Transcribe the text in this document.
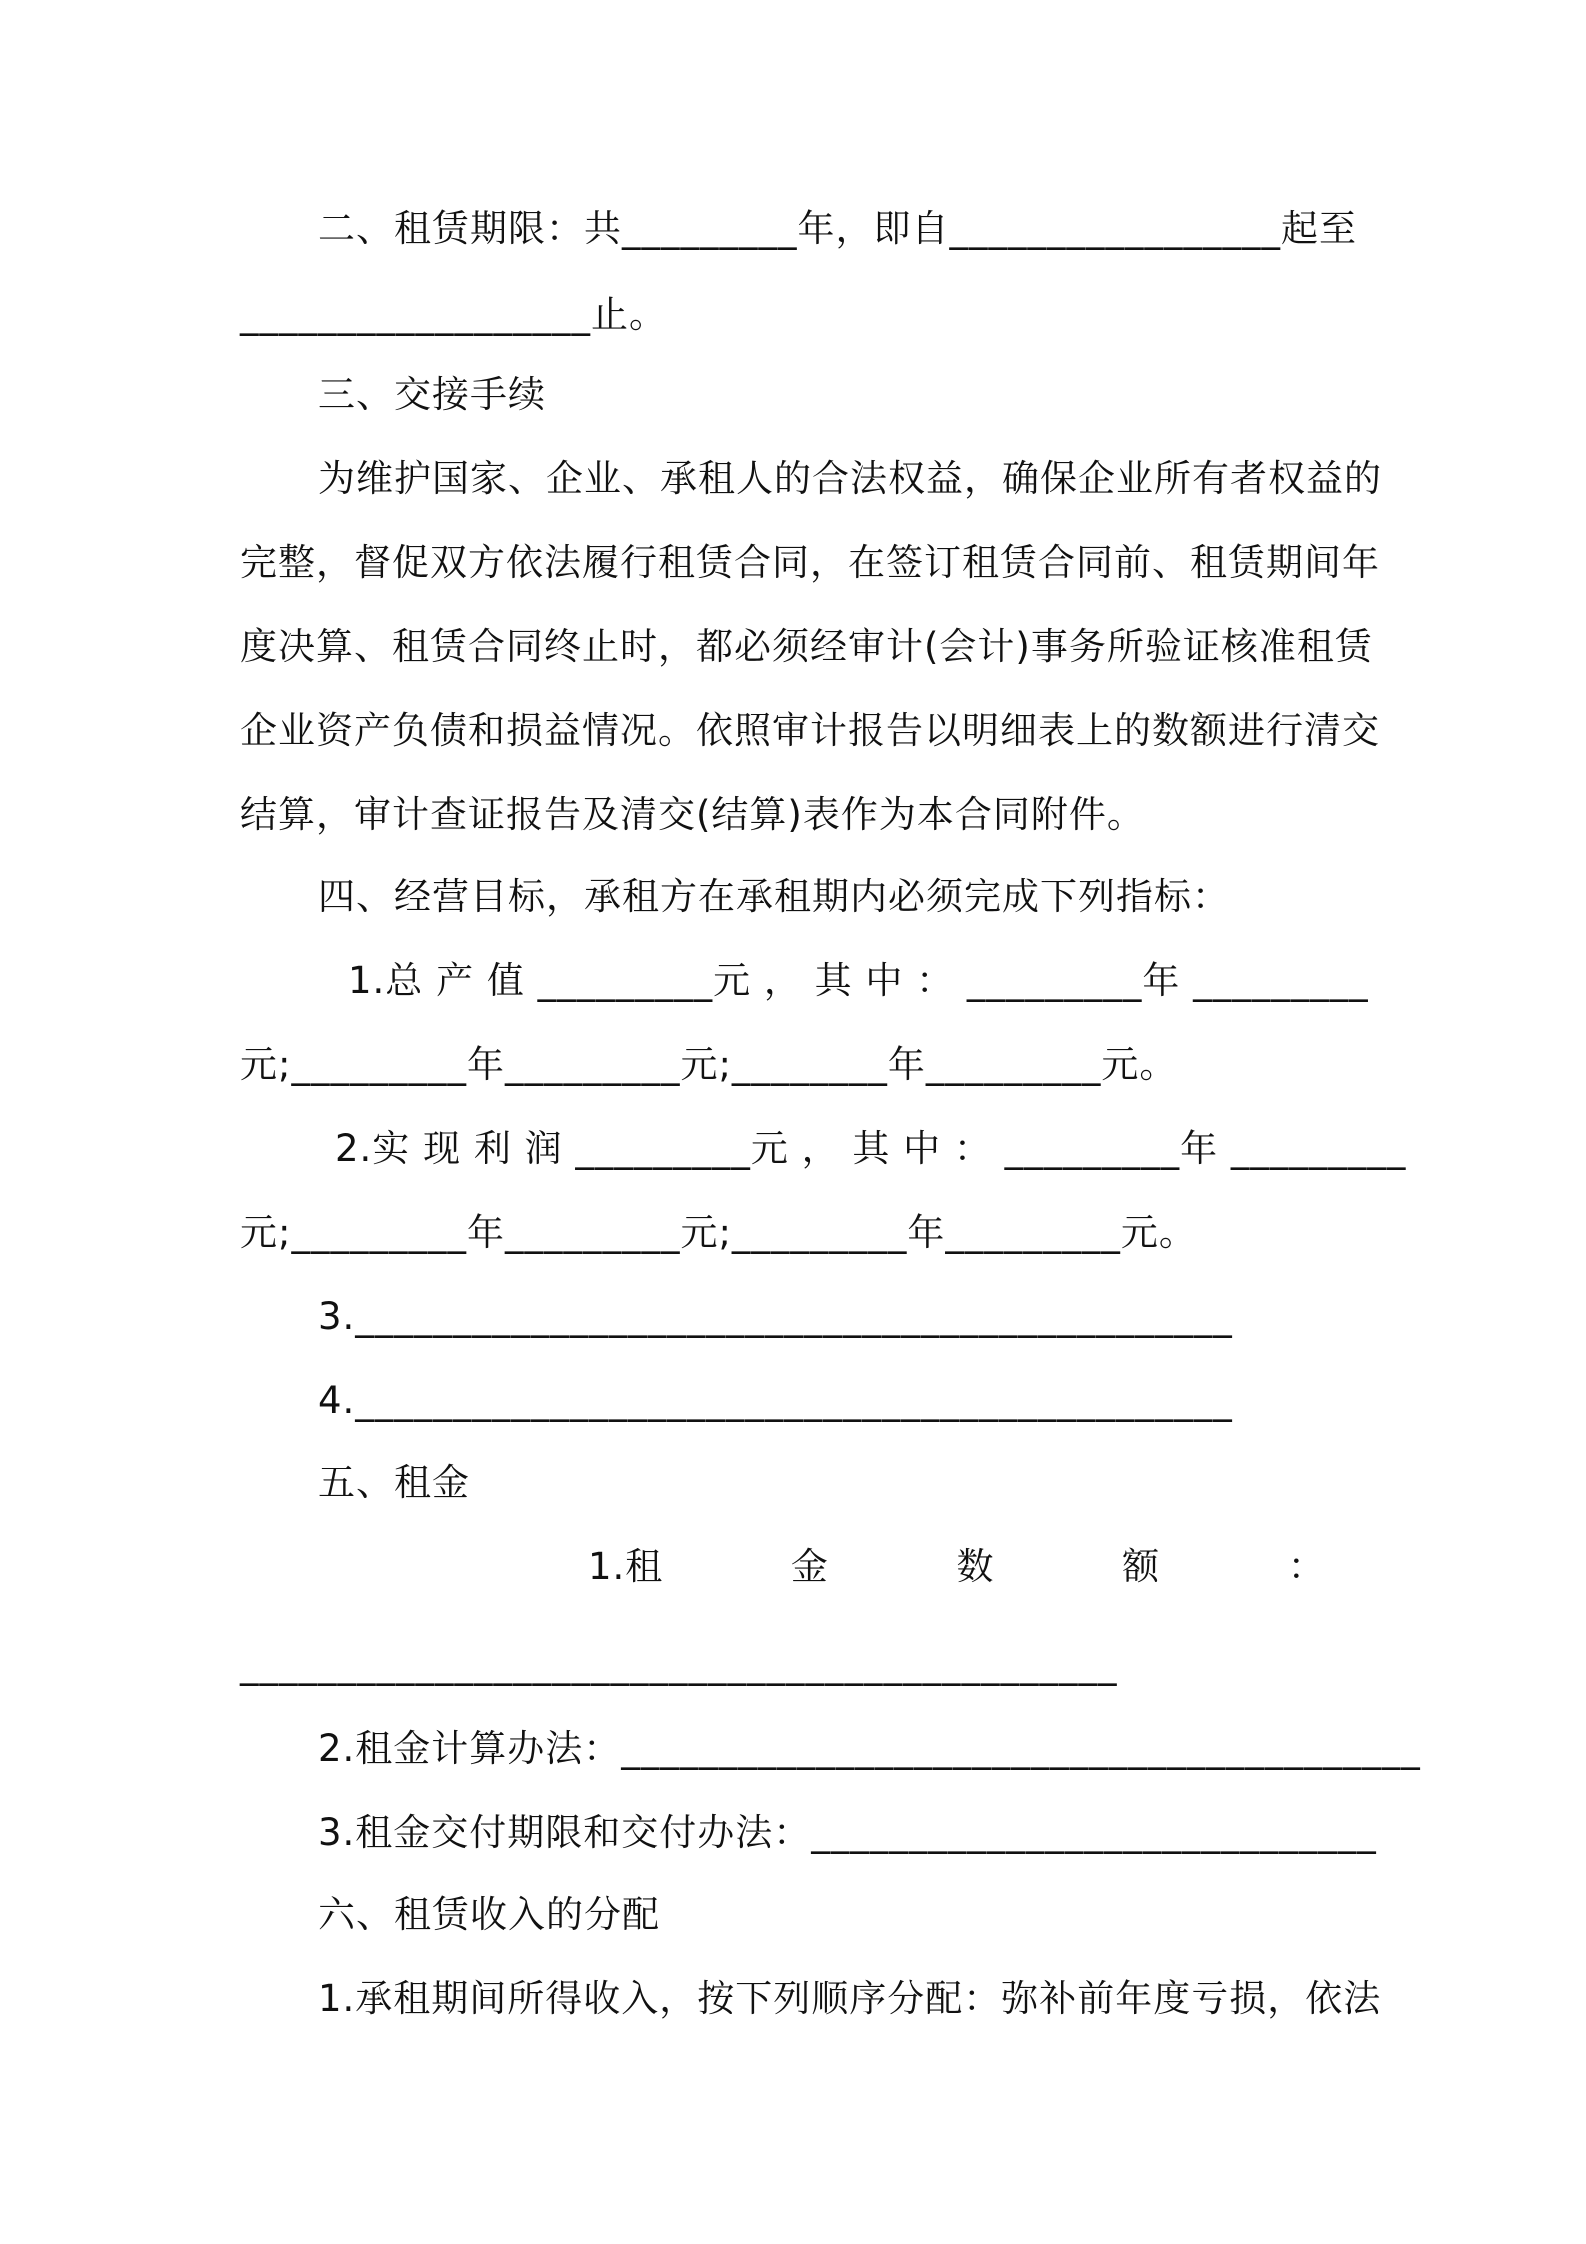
二、租赁期限：共_________年，即自_________________起至
__________________止。
三、交接手续
为维护国家、企业、承租人的合法权益，确保企业所有者权益的
完整，督促双方依法履行租赁合同，在签订租赁合同前、租赁期间年
度决算、租赁合同终止时，都必须经审计(会计)事务所验证核准租赁
企业资产负债和损益情况。依照审计报告以明细表上的数额进行清交
结算，审计查证报告及清交(结算)表作为本合同附件。
四、经营目标，承租方在承租期内必须完成下列指标：
1.总 产 值 _________元 ， 其 中 ： _________年 _________
元;_________年_________元;________年_________元。
2.实 现 利 润 _________元 ， 其 中 ： _________年 _________
元;_________年_________元;_________年_________元。
3._____________________________________________
4._____________________________________________
五、租金
1.租          金          数          额          ：
_____________________________________________
2.租金计算办法：_________________________________________
3.租金交付期限和交付办法：_____________________________
六、租赁收入的分配
1.承租期间所得收入，按下列顺序分配：弥补前年度亏损，依法
